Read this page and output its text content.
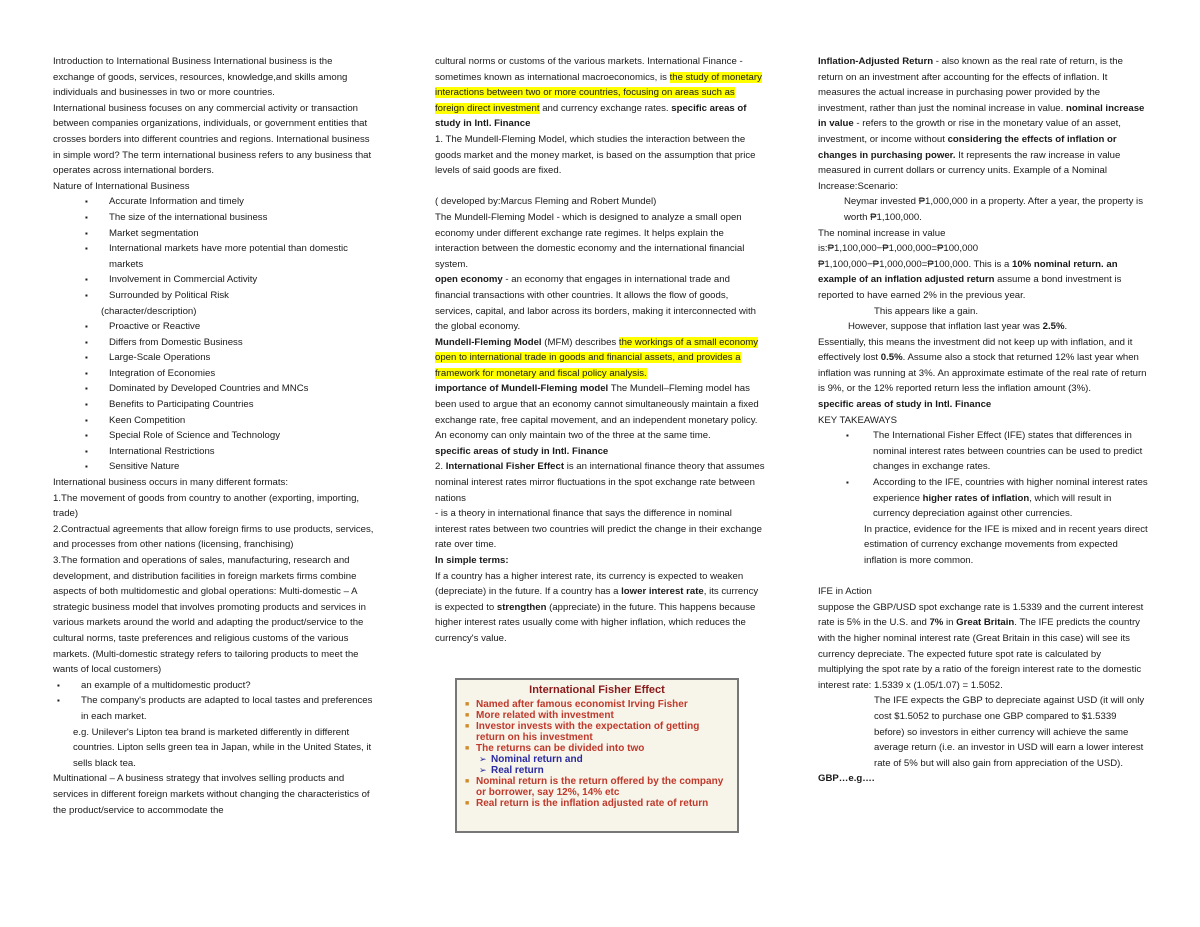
Introduction to International Business International business is the exchange of goods, services, resources, knowledge,and skills among individuals and businesses in two or more countries.

International business focuses on any commercial activity or transaction between companies organizations, individuals, or government entities that crosses borders into different countries and regions. International business in simple word? The term international business refers to any business that operates across international borders.

Nature of International Business

▪ Accurate Information and timely
▪ The size of the international business
▪ Market segmentation
▪ International markets have more potential than domestic markets
▪ Involvement in Commercial Activity
▪ Surrounded by Political Risk

(character/description)

▪ Proactive or Reactive
▪ Differs from Domestic Business
▪ Large-Scale Operations
▪ Integration of Economies
▪ Dominated by Developed Countries and MNCs
▪ Benefits to Participating Countries
▪ Keen Competition
▪ Special Role of Science and Technology
▪ International Restrictions
▪ Sensitive Nature

International business occurs in many different formats:

1.The movement of goods from country to another (exporting, importing, trade)

2.Contractual agreements that allow foreign firms to use products, services, and processes from other nations (licensing, franchising)

3.The formation and operations of sales, manufacturing, research and development, and distribution facilities in foreign markets firms combine aspects of both multidomestic and global operations: Multi-domestic – A strategic business model that involves promoting products and services in various markets around the world and adapting the product/service to the cultural norms, taste preferences and religious customs of the various markets. (Multi-domestic strategy refers to tailoring products to meet the wants of local customers)

▪ an example of a multidomestic product?
▪ The company's products are adapted to local tastes and preferences in each market.

e.g. Unilever's Lipton tea brand is marketed differently in different countries. Lipton sells green tea in Japan, while in the United States, it sells black tea.

Multinational – A business strategy that involves selling products and services in different foreign markets without changing the characteristics of the product/service to accommodate the

cultural norms or customs of the various markets. International Finance - sometimes known as international macroeconomics, is the study of monetary interactions between two or more countries, focusing on areas such as foreign direct investment and currency exchange rates. specific areas of study in Intl. Finance

1. The Mundell-Fleming Model, which studies the interaction between the goods market and the money market, is based on the assumption that price levels of said goods are fixed.

( developed by:Marcus Fleming and Robert Mundel)

The Mundell-Fleming Model - which is designed to analyze a small open economy under different exchange rate regimes. It helps explain the interaction between the domestic economy and the international financial system.

open economy - an economy that engages in international trade and financial transactions with other countries. It allows the flow of goods, services, capital, and labor across its borders, making it interconnected with the global economy.

Mundell-Fleming Model (MFM) describes the workings of a small economy open to international trade in goods and financial assets, and provides a framework for monetary and fiscal policy analysis.

importance of Mundell-Fleming model The Mundell–Fleming model has been used to argue that an economy cannot simultaneously maintain a fixed exchange rate, free capital movement, and an independent monetary policy. An economy can only maintain two of the three at the same time.

specific areas of study in Intl. Finance

2. International Fisher Effect is an international finance theory that assumes nominal interest rates mirror fluctuations in the spot exchange rate between nations

- is a theory in international finance that says the difference in nominal interest rates between two countries will predict the change in their exchange rate over time.

In simple terms:

If a country has a higher interest rate, its currency is expected to weaken (depreciate) in the future. If a country has a lower interest rate, its currency is expected to strengthen (appreciate) in the future. This happens because higher interest rates usually come with higher inflation, which reduces the currency's value.

International Fisher Effect
■ Named after famous economist Irving Fisher
■ More related with investment
■ Investor invests with the expectation of getting return on his investment
■ The returns can be divided into two
➢ Nominal return and
➢ Real return
■ Nominal return is the return offered by the company or borrower, say 12%, 14% etc
■ Real return is the inflation adjusted rate of return

Inflation-Adjusted Return - also known as the real rate of return, is the return on an investment after accounting for the effects of inflation. It measures the actual increase in purchasing power provided by the investment, rather than just the nominal increase in value. nominal increase in value - refers to the growth or rise in the monetary value of an asset, investment, or income without considering the effects of inflation or changes in purchasing power. It represents the raw increase in value measured in current dollars or currency units. Example of a Nominal Increase:Scenario:

Neymar invested ₱1,000,000 in a property. After a year, the property is worth ₱1,100,000.

The nominal increase in value

is:₱1,100,000−₱1,000,000=₱100,000

₱1,100,000−₱1,000,000=₱100,000. This is a 10% nominal return. an example of an inflation adjusted return assume a bond investment is reported to have earned 2% in the previous year.

This appears like a gain.

However, suppose that inflation last year was 2.5%.

Essentially, this means the investment did not keep up with inflation, and it effectively lost 0.5%. Assume also a stock that returned 12% last year when inflation was running at 3%. An approximate estimate of the real rate of return is 9%, or the 12% reported return less the inflation amount (3%).

specific areas of study in Intl. Finance

KEY TAKEAWAYS

▪ The International Fisher Effect (IFE) states that differences in nominal interest rates between countries can be used to predict changes in exchange rates.
▪ According to the IFE, countries with higher nominal interest rates experience higher rates of inflation, which will result in currency depreciation against other currencies.

In practice, evidence for the IFE is mixed and in recent years direct estimation of currency exchange movements from expected inflation is more common.

IFE in Action

suppose the GBP/USD spot exchange rate is 1.5339 and the current interest rate is 5% in the U.S. and 7% in Great Britain. The IFE predicts the country with the higher nominal interest rate (Great Britain in this case) will see its currency depreciate. The expected future spot rate is calculated by multiplying the spot rate by a ratio of the foreign interest rate to the domestic interest rate: 1.5339 x (1.05/1.07) = 1.5052.

The IFE expects the GBP to depreciate against USD (it will only cost $1.5052 to purchase one GBP compared to $1.5339 before) so investors in either currency will achieve the same average return (i.e. an investor in USD will earn a lower interest rate of 5% but will also gain from appreciation of the USD).

GBP…e.g….
